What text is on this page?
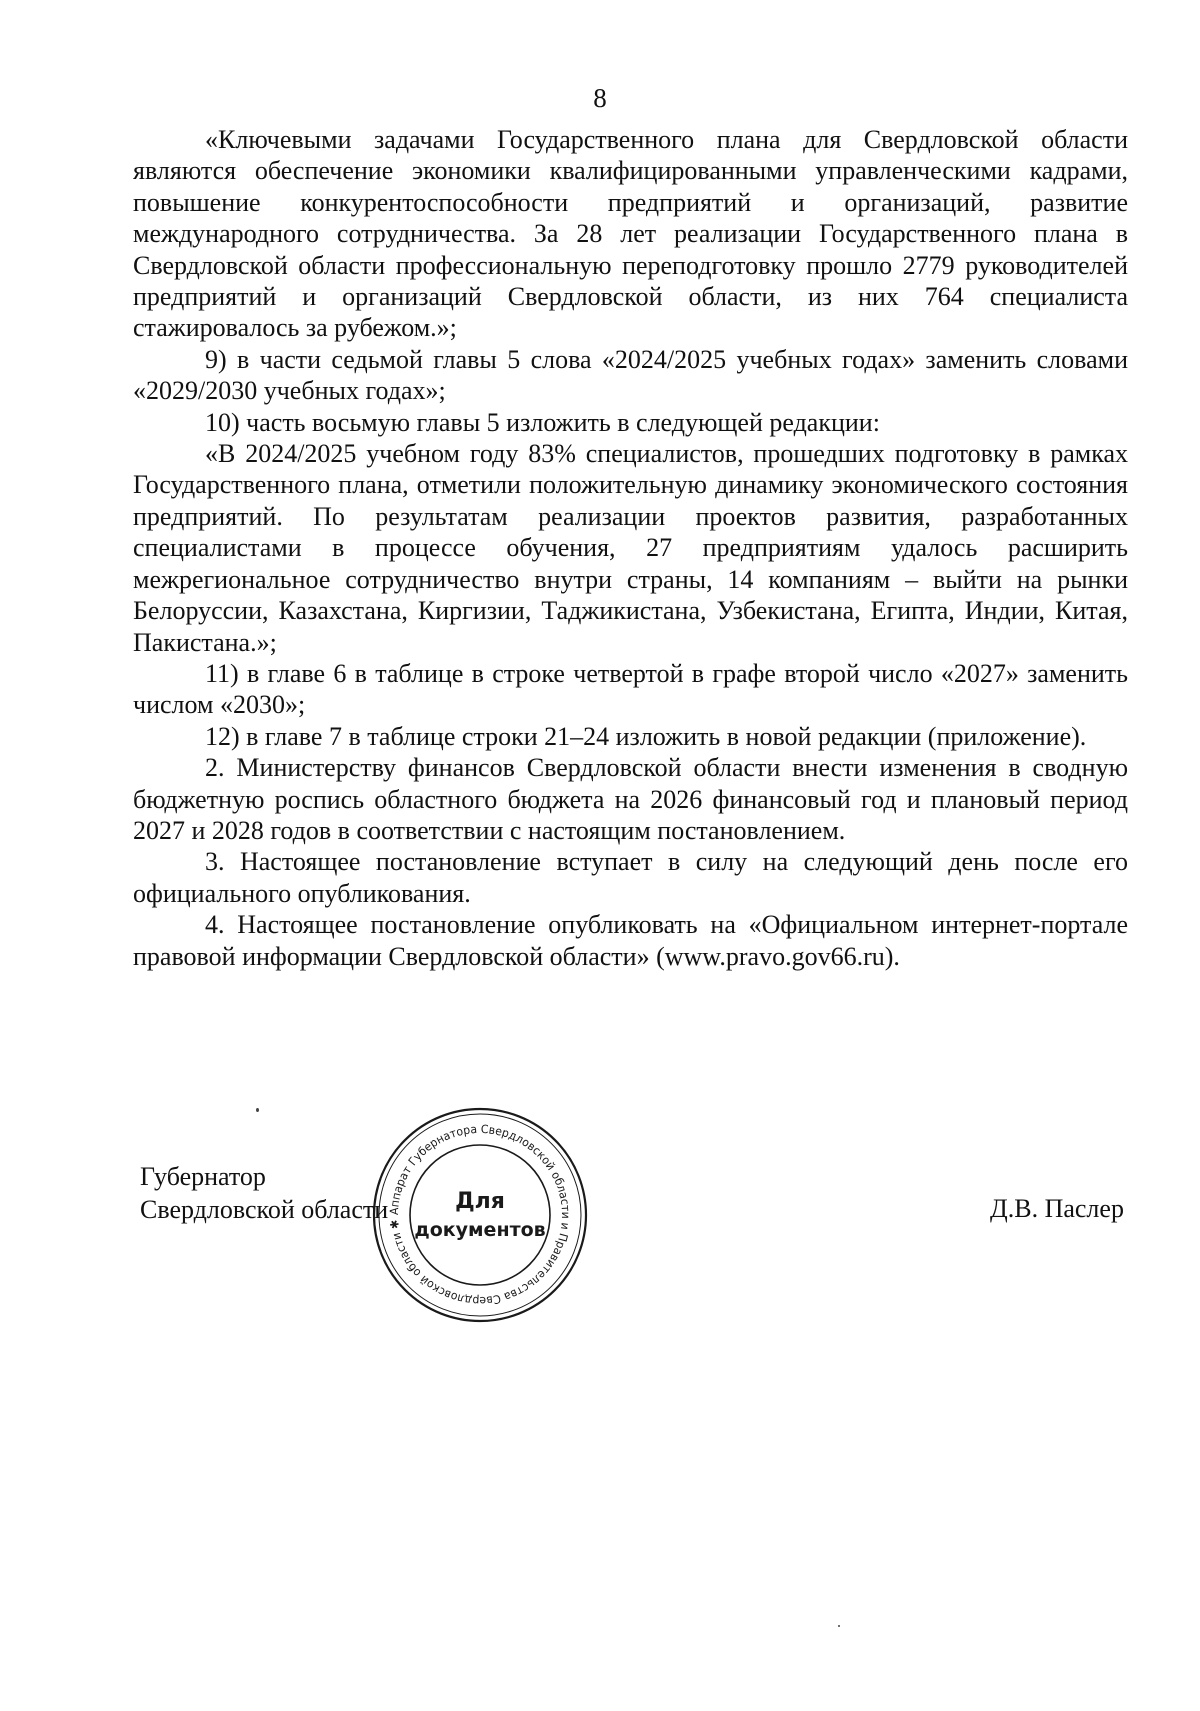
8

«Ключевыми задачами Государственного плана для Свердловской области являются обеспечение экономики квалифицированными управленческими кадрами, повышение конкурентоспособности предприятий и организаций, развитие международного сотрудничества. За 28 лет реализации Государственного плана в Свердловской области профессиональную переподготовку прошло 2779 руководителей предприятий и организаций Свердловской области, из них 764 специалиста стажировалось за рубежом.»;

9) в части седьмой главы 5 слова «2024/2025 учебных годах» заменить словами «2029/2030 учебных годах»;

10) часть восьмую главы 5 изложить в следующей редакции:

«В 2024/2025 учебном году 83% специалистов, прошедших подготовку в рамках Государственного плана, отметили положительную динамику экономического состояния предприятий. По результатам реализации проектов развития, разработанных специалистами в процессе обучения, 27 предприятиям удалось расширить межрегиональное сотрудничество внутри страны, 14 компаниям – выйти на рынки Белоруссии, Казахстана, Киргизии, Таджикистана, Узбекистана, Египта, Индии, Китая, Пакистана.»;

11) в главе 6 в таблице в строке четвертой в графе второй число «2027» заменить числом «2030»;

12) в главе 7 в таблице строки 21–24 изложить в новой редакции (приложение).

2. Министерству финансов Свердловской области внести изменения в сводную бюджетную роспись областного бюджета на 2026 финансовый год и плановый период 2027 и 2028 годов в соответствии с настоящим постановлением.

3. Настоящее постановление вступает в силу на следующий день после его официального опубликования.

4. Настоящее постановление опубликовать на «Официальном интернет-портале правовой информации Свердловской области» (www.pravo.gov66.ru).

Губернатор
Свердловской области	Д.В. Паслер
Аппарат Губернатора Свердловской области и Правительства Свердловской области ✱
Для
документов
